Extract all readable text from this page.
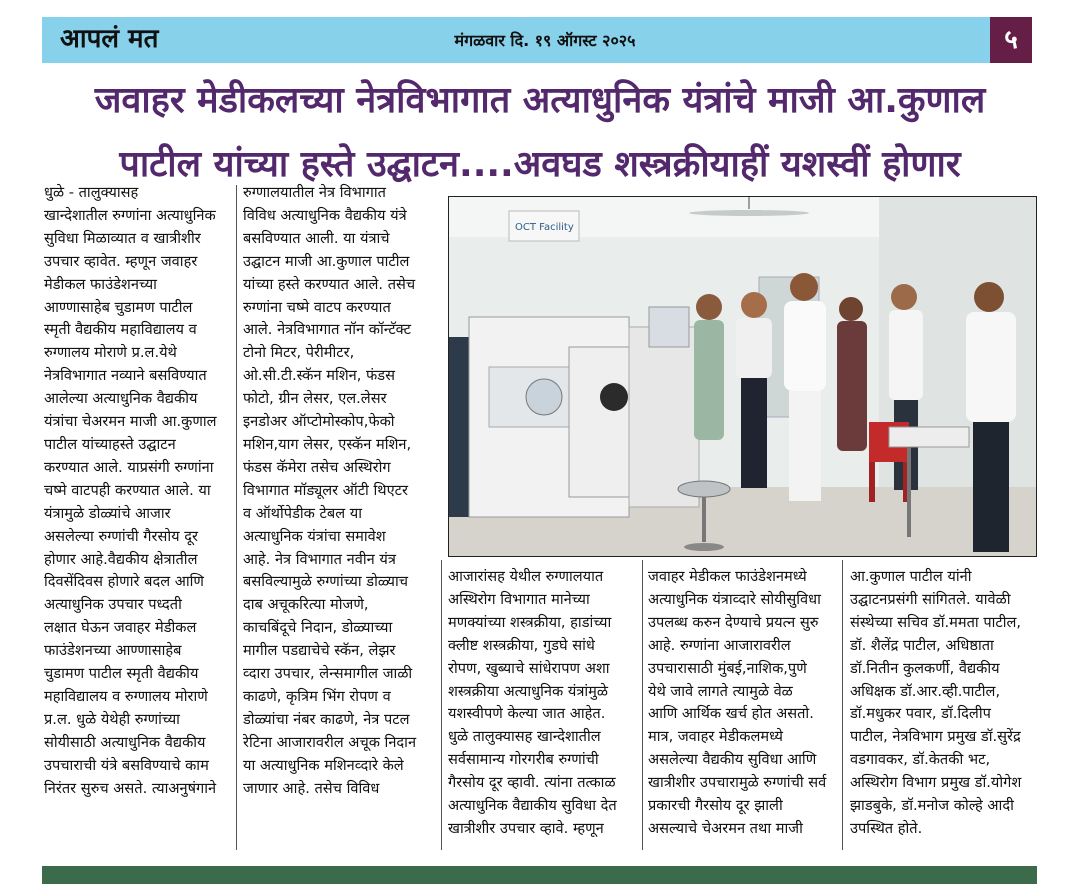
आपलं मत	मंगळवार दि. १९ ऑगस्ट २०२५	५
जवाहर मेडीकलच्या नेत्रविभागात अत्याधुनिक यंत्रांचे माजी आ.कुणाल
पाटील यांच्या हस्ते उद्घाटन....अवघड शस्त्रक्रीयाहीं यशस्वीं होणार
OCT Facility
धुळे - तालुक्यासह
खान्देशातील रुग्णांना अत्याधुनिक
सुविधा मिळाव्यात व खात्रीशीर
उपचार व्हावेत. म्हणून जवाहर
मेडीकल फाउंडेशनच्या
आण्णासाहेब चुडामण पाटील
स्मृती वैद्यकीय महाविद्यालय व
रुग्णालय मोराणे प्र.ल.येथे
नेत्रविभागात नव्याने बसविण्यात
आलेल्या अत्याधुनिक वैद्यकीय
यंत्रांचा चेअरमन माजी आ.कुणाल
पाटील यांच्याहस्ते उद्घाटन
करण्यात आले. याप्रसंगी रुग्णांना
चष्मे वाटपही करण्यात आले. या
यंत्रामुळे डोळ्यांचे आजार
असलेल्या रुग्णांची गैरसोय दूर
होणार आहे.वैद्यकीय क्षेत्रातील
दिवसेंदिवस होणारे बदल आणि
अत्याधुनिक उपचार पध्दती
लक्षात घेऊन जवाहर मेडीकल
फाउंडेशनच्या आण्णासाहेब
चुडामण पाटील स्मृती वैद्यकीय
महाविद्यालय व रुग्णालय मोराणे
प्र.ल. धुळे येथेही रुग्णांच्या
सोयीसाठी अत्याधुनिक वैद्यकीय
उपचाराची यंत्रे बसविण्याचे काम
निरंतर सुरुच असते. त्याअनुषंगाने
रुग्णालयातील नेत्र विभागात
विविध अत्याधुनिक वैद्यकीय यंत्रे
बसविण्यात आली. या यंत्राचे
उद्घाटन माजी आ.कुणाल पाटील
यांच्या हस्ते करण्यात आले. तसेच
रुग्णांना चष्मे वाटप करण्यात
आले. नेत्रविभागात नॉन कॉन्टॅक्ट
टोनो मिटर, पेरीमीटर,
ओ.सी.टी.स्कॅन मशिन, फंडस
फोटो, ग्रीन लेसर, एल.लेसर
इनडोअर ऑप्टोमोस्कोप,फेको
मशिन,याग लेसर, एस्कॅन मशिन,
फंडस कॅमेरा तसेच अस्थिरोग
विभागात मॉड्यूलर ऑटी थिएटर
व ऑर्थोपेडीक टेबल या
अत्याधुनिक यंत्रांचा समावेश
आहे. नेत्र विभागात नवीन यंत्र
बसविल्यामुळे रुग्णांच्या डोळ्याच
दाब अचूकरित्या मोजणे,
काचबिंदूचे निदान, डोळ्याच्या
मागील पडद्याचेचे स्कॅन, लेझर
व्दारा उपचार, लेन्समागील जाळी
काढणे, कृत्रिम भिंग रोपण व
डोळ्यांचा नंबर काढणे, नेत्र पटल
रेटिना आजारावरील अचूक निदान
या अत्याधुनिक मशिनव्दारे केले
जाणार आहे. तसेच विविध
आजारांसह येथील रुग्णालयात
अस्थिरोग विभागात मानेच्या
मणक्यांच्या शस्त्रक्रीया, हाडांच्या
क्लीष्ट शस्त्रक्रीया, गुडघे सांधे
रोपण, खुब्याचे सांधेरापण अशा
शस्त्रक्रीया अत्याधुनिक यंत्रांमुळे
यशस्वीपणे केल्या जात आहेत.
धुळे तालुक्यासह खान्देशातील
सर्वसामान्य गोरगरीब रुग्णांची
गैरसोय दूर व्हावी. त्यांना तत्काळ
अत्याधुनिक वैद्याकीय सुविधा देत
खात्रीशीर उपचार व्हावे. म्हणून
जवाहर मेडीकल फाउंडेशनमध्ये
अत्याधुनिक यंत्राव्दारे सोयीसुविधा
उपलब्ध करुन देण्याचे प्रयत्न सुरु
आहे. रुग्णांना आजारावरील
उपचारासाठी मुंबई,नाशिक,पुणे
येथे जावे लागते त्यामुळे वेळ
आणि आर्थिक खर्च होत असतो.
मात्र, जवाहर मेडीकलमध्ये
असलेल्या वैद्यकीय सुविधा आणि
खात्रीशीर उपचारामुळे रुग्णांची सर्व
प्रकारची गैरसोय दूर झाली
असल्याचे चेअरमन तथा माजी
आ.कुणाल पाटील यांनी
उद्घाटनप्रसंगी सांगितले. यावेळी
संस्थेच्या सचिव डॉ.ममता पाटील,
डॉ. शैलेंद्र पाटील, अधिष्ठाता
डॉ.नितीन कुलकर्णी, वैद्यकीय
अधिक्षक डॉ.आर.व्ही.पाटील,
डॉ.मधुकर पवार, डॉ.दिलीप
पाटील, नेत्रविभाग प्रमुख डॉ.सुरेंद्र
वडगावकर, डॉ.केतकी भट,
अस्थिरोग विभाग प्रमुख डॉ.योगेश
झाडबुके, डॉ.मनोज कोल्हे आदी
उपस्थित होते.
